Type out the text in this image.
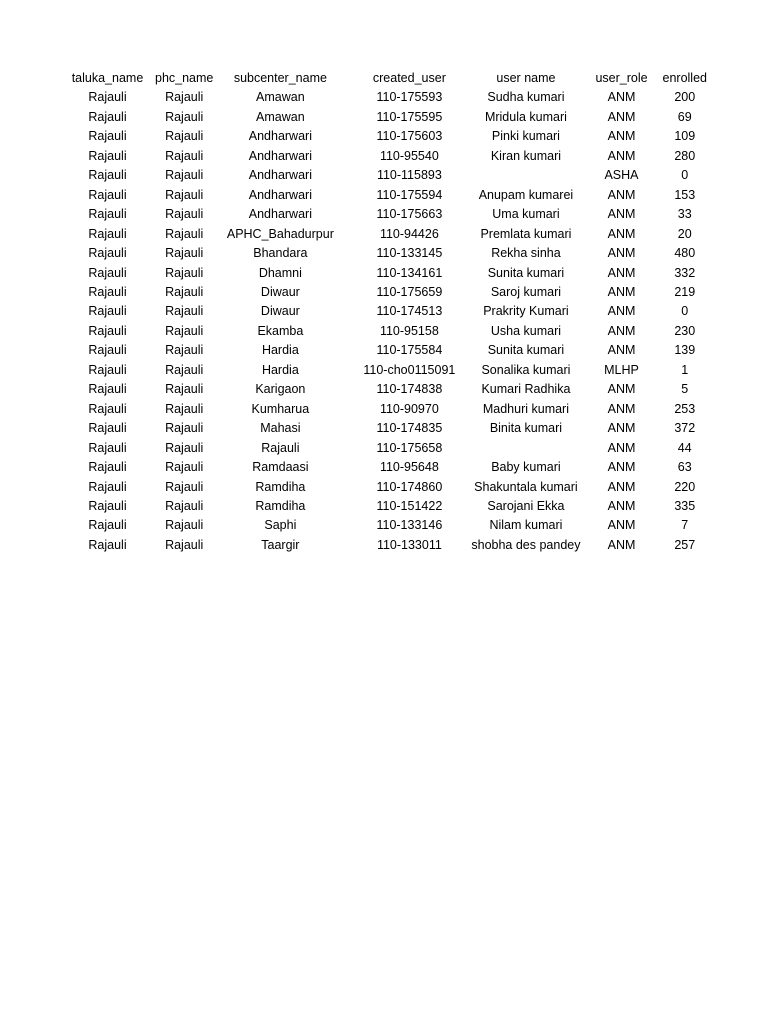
taluka_name	phc_name	subcenter_name	created_user	user name	user_role	enrolled
Rajauli	Rajauli	Amawan	110-175593	Sudha kumari	ANM	200
Rajauli	Rajauli	Amawan	110-175595	Mridula kumari	ANM	69
Rajauli	Rajauli	Andharwari	110-175603	Pinki kumari	ANM	109
Rajauli	Rajauli	Andharwari	110-95540	Kiran kumari	ANM	280
Rajauli	Rajauli	Andharwari	110-115893		ASHA	0
Rajauli	Rajauli	Andharwari	110-175594	Anupam kumarei	ANM	153
Rajauli	Rajauli	Andharwari	110-175663	Uma kumari	ANM	33
Rajauli	Rajauli	APHC_Bahadurpur	110-94426	Premlata kumari	ANM	20
Rajauli	Rajauli	Bhandara	110-133145	Rekha sinha	ANM	480
Rajauli	Rajauli	Dhamni	110-134161	Sunita kumari	ANM	332
Rajauli	Rajauli	Diwaur	110-175659	Saroj kumari	ANM	219
Rajauli	Rajauli	Diwaur	110-174513	Prakrity Kumari	ANM	0
Rajauli	Rajauli	Ekamba	110-95158	Usha kumari	ANM	230
Rajauli	Rajauli	Hardia	110-175584	Sunita kumari	ANM	139
Rajauli	Rajauli	Hardia	110-cho0115091	Sonalika kumari	MLHP	1
Rajauli	Rajauli	Karigaon	110-174838	Kumari Radhika	ANM	5
Rajauli	Rajauli	Kumharua	110-90970	Madhuri kumari	ANM	253
Rajauli	Rajauli	Mahasi	110-174835	Binita kumari	ANM	372
Rajauli	Rajauli	Rajauli	110-175658		ANM	44
Rajauli	Rajauli	Ramdaasi	110-95648	Baby kumari	ANM	63
Rajauli	Rajauli	Ramdiha	110-174860	Shakuntala kumari	ANM	220
Rajauli	Rajauli	Ramdiha	110-151422	Sarojani Ekka	ANM	335
Rajauli	Rajauli	Saphi	110-133146	Nilam kumari	ANM	7
Rajauli	Rajauli	Taargir	110-133011	shobha des pandey	ANM	257
